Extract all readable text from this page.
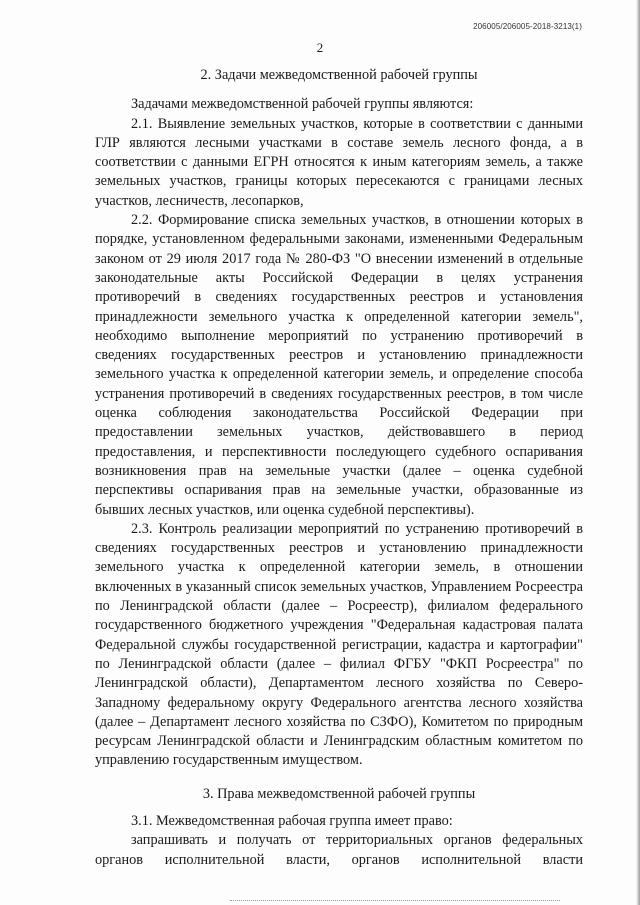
206005/206005-2018-3213(1)
2

2. Задачи межведомственной рабочей группы

Задачами межведомственной рабочей группы являются:

2.1. Выявление земельных участков, которые в соответствии с данными ГЛР являются лесными участками в составе земель лесного фонда, а в соответствии с данными ЕГРН относятся к иным категориям земель, а также земельных участков, границы которых пересекаются с границами лесных участков, лесничеств, лесопарков,

2.2. Формирование списка земельных участков, в отношении которых в порядке, установленном федеральными законами, измененными Федеральным законом от 29 июля 2017 года № 280-ФЗ "О внесении изменений в отдельные законодательные акты Российской Федерации в целях устранения противоречий в сведениях государственных реестров и установления принадлежности земельного участка к определенной категории земель", необходимо выполнение мероприятий по устранению противоречий в сведениях государственных реестров и установлению принадлежности земельного участка к определенной категории земель, и определение способа устранения противоречий в сведениях государственных реестров, в том числе оценка соблюдения законодательства Российской Федерации при предоставлении земельных участков, действовавшего в период предоставления, и перспективности последующего судебного оспаривания возникновения прав на земельные участки (далее – оценка судебной перспективы оспаривания прав на земельные участки, образованные из бывших лесных участков, или оценка судебной перспективы).

2.3. Контроль реализации мероприятий по устранению противоречий в сведениях государственных реестров и установлению принадлежности земельного участка к определенной категории земель, в отношении включенных в указанный список земельных участков, Управлением Росреестра по Ленинградской области (далее – Росреестр), филиалом федерального государственного бюджетного учреждения "Федеральная кадастровая палата Федеральной службы государственной регистрации, кадастра и картографии" по Ленинградской области (далее – филиал ФГБУ "ФКП Росреестра" по Ленинградской области), Департаментом лесного хозяйства по Северо-Западному федеральному округу Федерального агентства лесного хозяйства (далее – Департамент лесного хозяйства по СЗФО), Комитетом по природным ресурсам Ленинградской области и Ленинградским областным комитетом по управлению государственным имуществом.

3. Права межведомственной рабочей группы

3.1. Межведомственная рабочая группа имеет право:

запрашивать и получать от территориальных органов федеральных органов исполнительной власти, органов исполнительной власти
